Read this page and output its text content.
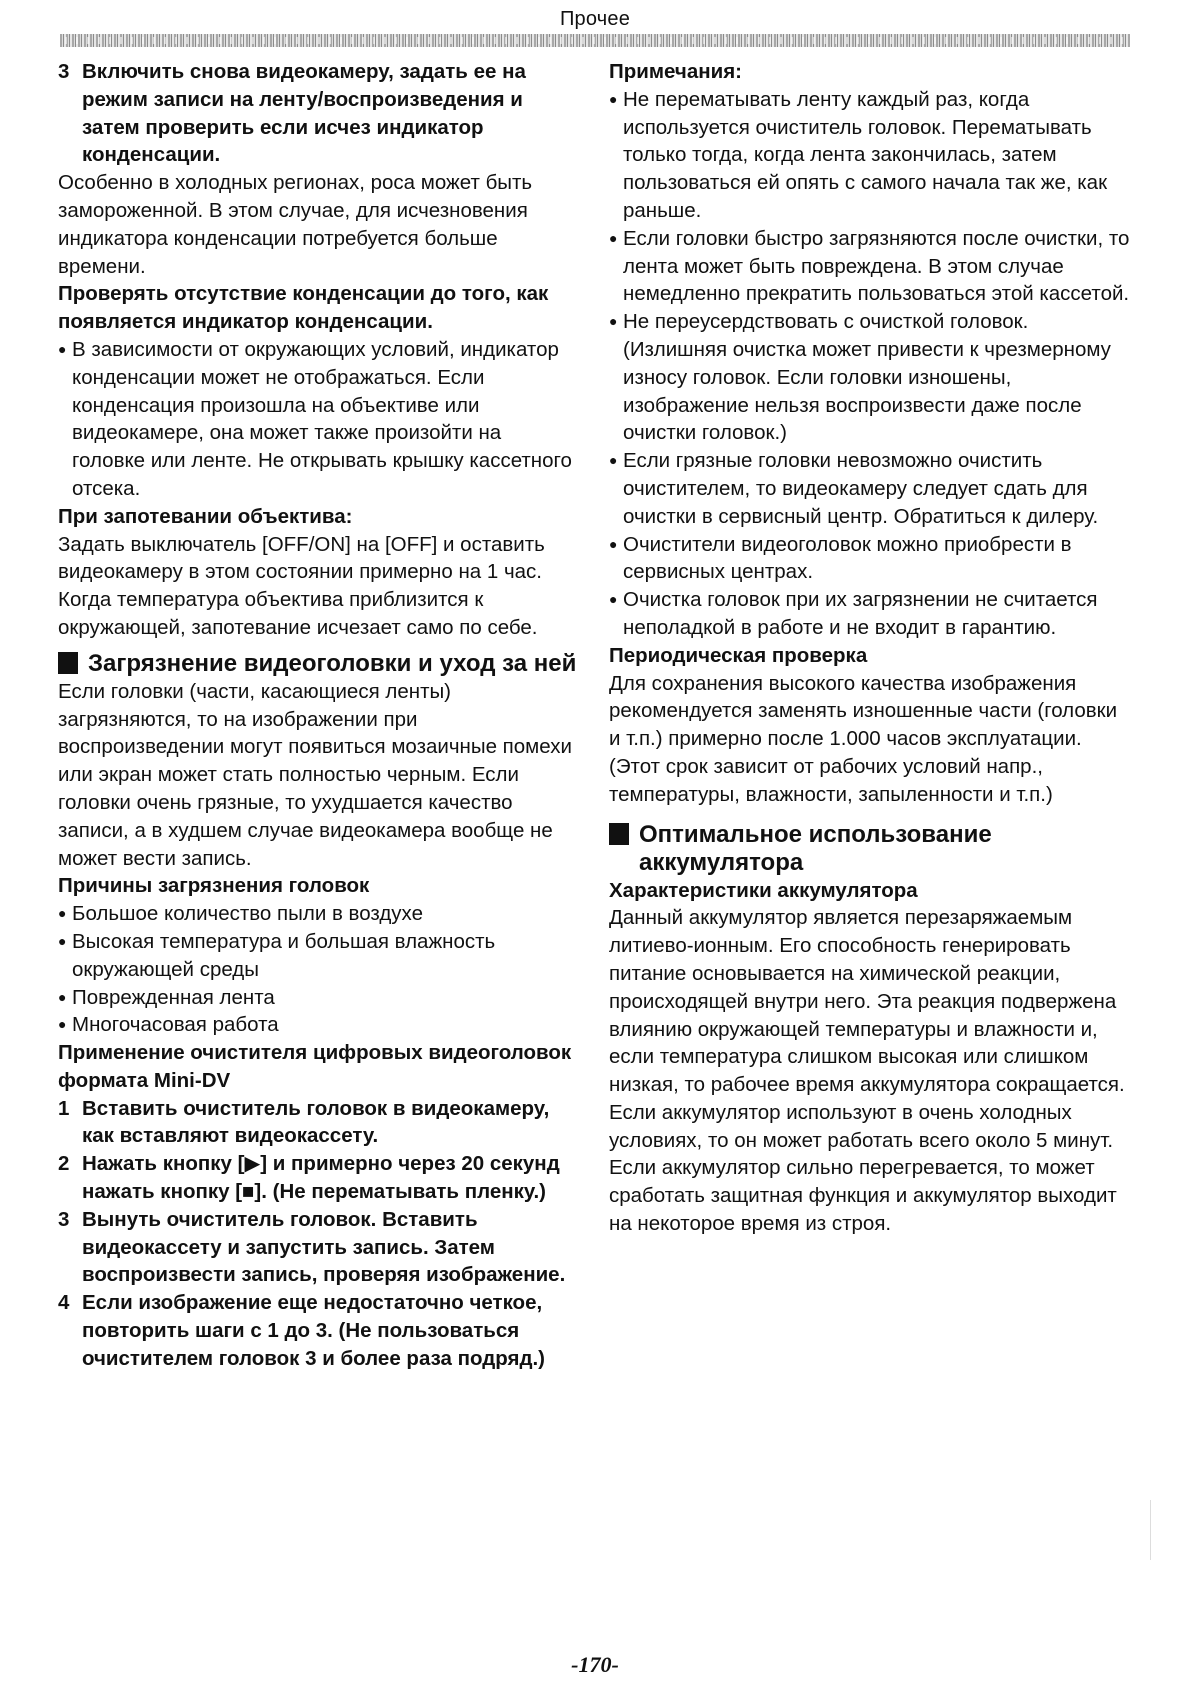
Прочее
3 Включить снова видеокамеру, задать ее на режим записи на ленту/воспроизведения и затем проверить если исчез индикатор конденсации.

Особенно в холодных регионах, роса может быть замороженной. В этом случае, для исчезновения индикатора конденсации потребуется больше времени.

Проверять отсутствие конденсации до того, как появляется индикатор конденсации.

● В зависимости от окружающих условий, индикатор конденсации может не отображаться. Если конденсация произошла на объективе или видеокамере, она может также произойти на головке или ленте. Не открывать крышку кассетного отсека.

При запотевании объектива:

Задать выключатель [OFF/ON] на [OFF] и оставить видеокамеру в этом состоянии примерно на 1 час. Когда температура объектива приблизится к окружающей, запотевание исчезает само по себе.

Загрязнение видеоголовки и уход за ней

Если головки (части, касающиеся ленты) загрязняются, то на изображении при воспроизведении могут появиться мозаичные помехи или экран может стать полностью черным. Если головки очень грязные, то ухудшается качество записи, а в худшем случае видеокамера вообще не может вести запись.

Причины загрязнения головок

● Большое количество пыли в воздухе
● Высокая температура и большая влажность окружающей среды
● Поврежденная лента
● Многочасовая работа

Применение очистителя цифровых видеоголовок формата Mini-DV

1 Вставить очиститель головок в видеокамеру, как вставляют видеокассету.
2 Нажать кнопку [▶] и примерно через 20 секунд нажать кнопку [■]. (Не перематывать пленку.)
3 Вынуть очиститель головок. Вставить видеокассету и запустить запись. Затем воспроизвести запись, проверяя изображение.
4 Если изображение еще недостаточно четкое, повторить шаги с 1 до 3. (Не пользоваться очистителем головок 3 и более раза подряд.)

Примечания:

● Не перематывать ленту каждый раз, когда используется очиститель головок. Перематывать только тогда, когда лента закончилась, затем пользоваться ей опять с самого начала так же, как раньше.
● Если головки быстро загрязняются после очистки, то лента может быть повреждена. В этом случае немедленно прекратить пользоваться этой кассетой.
● Не переусердствовать с очисткой головок. (Излишняя очистка может привести к чрезмерному износу головок. Если головки изношены, изображение нельзя воспроизвести даже после очистки головок.)
● Если грязные головки невозможно очистить очистителем, то видеокамеру следует сдать для очистки в сервисный центр. Обратиться к дилеру.
● Очистители видеоголовок можно приобрести в сервисных центрах.
● Очистка головок при их загрязнении не считается неполадкой в работе и не входит в гарантию.

Периодическая проверка

Для сохранения высокого качества изображения рекомендуется заменять изношенные части (головки и т.п.) примерно после 1.000 часов эксплуатации. (Этот срок зависит от рабочих условий напр., температуры, влажности, запыленности и т.п.)

Оптимальное использование аккумулятора

Характеристики аккумулятора

Данный аккумулятор является перезаряжаемым литиево-ионным. Его способность генерировать питание основывается на химической реакции, происходящей внутри него. Эта реакция подвержена влиянию окружающей температуры и влажности и, если температура слишком высокая или слишком низкая, то рабочее время аккумулятора сокращается. Если аккумулятор используют в очень холодных условиях, то он может работать всего около 5 минут. Если аккумулятор сильно перегревается, то может сработать защитная функция и аккумулятор выходит на некоторое время из строя.

-170-
